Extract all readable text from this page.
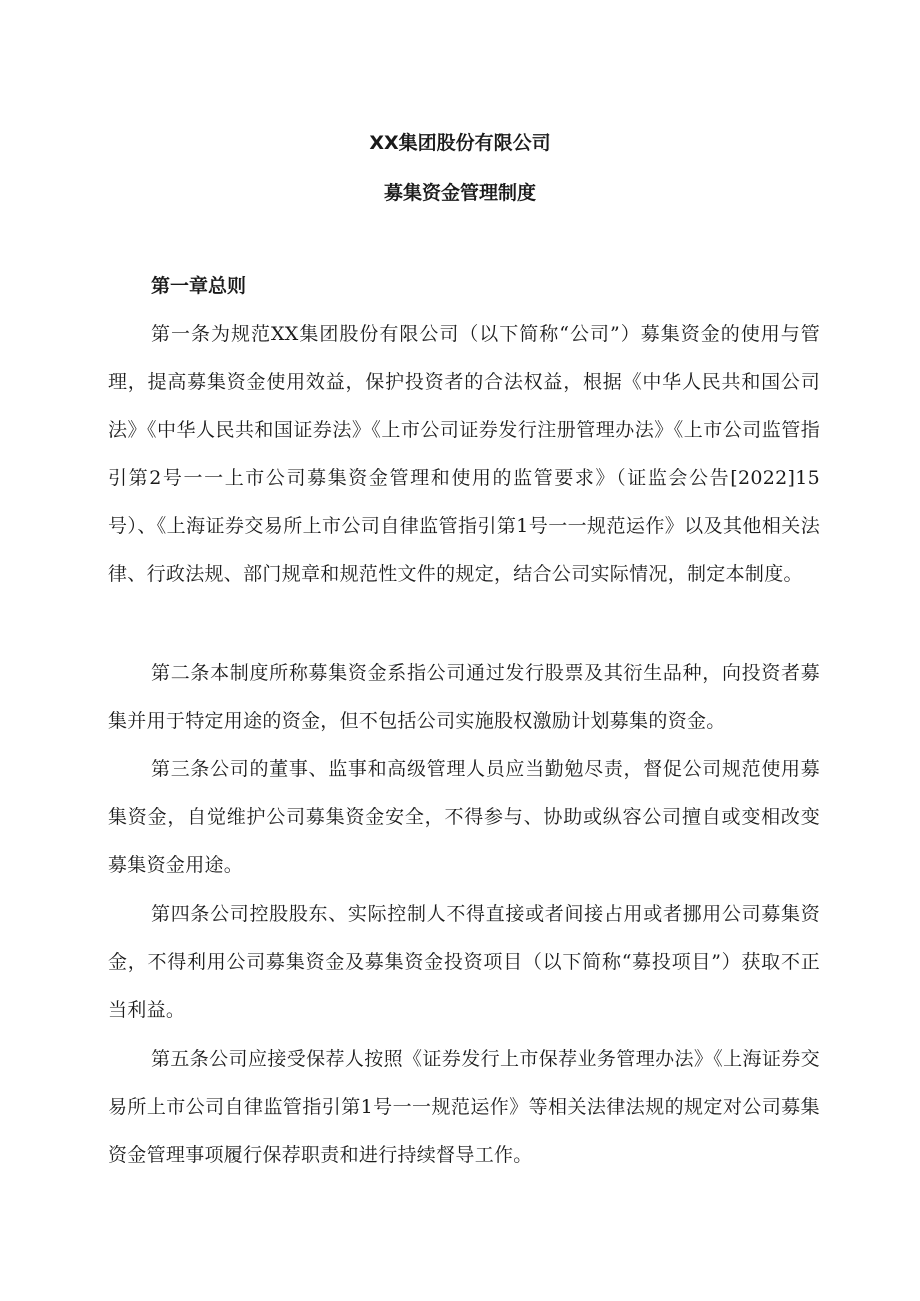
XX集团股份有限公司
募集资金管理制度
第一章总则

第一条为规范XX集团股份有限公司（以下简称“公司”）募集资金的使用与管理，提高募集资金使用效益，保护投资者的合法权益，根据《中华人民共和国公司法》《中华人民共和国证券法》《上市公司证券发行注册管理办法》《上市公司监管指引第2号一一上市公司募集资金管理和使用的监管要求》（证监会公告[2022]15号）、《上海证券交易所上市公司自律监管指引第1号一一规范运作》以及其他相关法律、行政法规、部门规章和规范性文件的规定，结合公司实际情况，制定本制度。

第二条本制度所称募集资金系指公司通过发行股票及其衍生品种，向投资者募集并用于特定用途的资金，但不包括公司实施股权激励计划募集的资金。

第三条公司的董事、监事和高级管理人员应当勤勉尽责，督促公司规范使用募集资金，自觉维护公司募集资金安全，不得参与、协助或纵容公司擅自或变相改变募集资金用途。

第四条公司控股股东、实际控制人不得直接或者间接占用或者挪用公司募集资金，不得利用公司募集资金及募集资金投资项目（以下简称“募投项目”）获取不正当利益。

第五条公司应接受保荐人按照《证券发行上市保荐业务管理办法》《上海证券交易所上市公司自律监管指引第1号一一规范运作》等相关法律法规的规定对公司募集资金管理事项履行保荐职责和进行持续督导工作。
